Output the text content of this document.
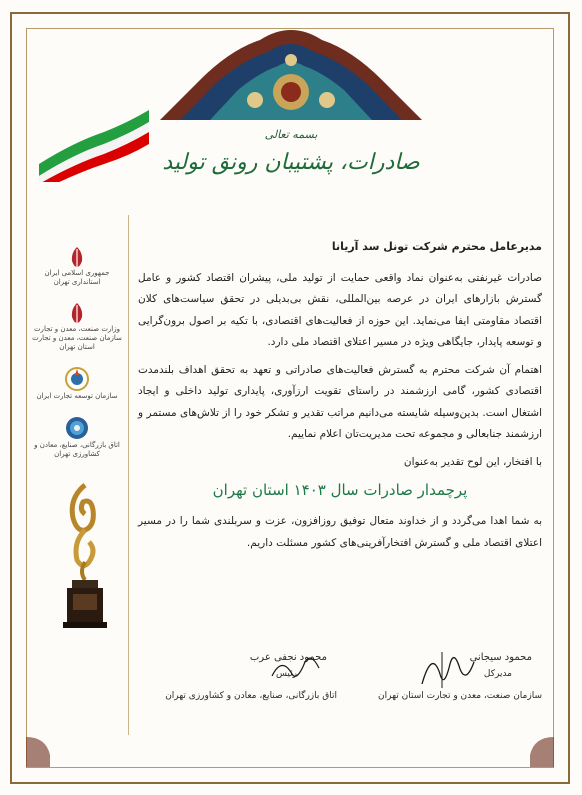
بسمه تعالی
صادرات، پشتیبان رونق تولید
جمهوری اسلامی ایران
استانداری تهران
وزارت صنعت، معدن و تجارت
سازمان صنعت، معدن و تجارت استان تهران
سازمان توسعه تجارت ایران
اتاق بازرگانی، صنایع، معادن و کشاورزی تهران
مدیرعامل محترم شرکت تونل سد آریانا

صادرات غیرنفتی به‌عنوان نماد واقعی حمایت از تولید ملی، پیشران اقتصاد کشور و عامل گسترش بازارهای ایران در عرصه بین‌المللی، نقش بی‌بدیلی در تحقق سیاست‌های کلان اقتصاد مقاومتی ایفا می‌نماید. این حوزه از فعالیت‌های اقتصادی، با تکیه بر اصول برون‌گرایی و توسعه پایدار، جایگاهی ویژه در مسیر اعتلای اقتصاد ملی دارد.

اهتمام آن شرکت محترم به گسترش فعالیت‌های صادراتی و تعهد به تحقق اهداف بلندمدت اقتصادی کشور، گامی ارزشمند در راستای تقویت ارزآوری، پایداری تولید داخلی و ایجاد اشتغال است. بدین‌وسیله شایسته می‌دانیم مراتب تقدیر و تشکر خود را از تلاش‌های مستمر و ارزشمند جنابعالی و مجموعه تحت مدیریت‌تان اعلام نماییم.

با افتخار، این لوح تقدیر به‌عنوان

پرچمدار صادرات سال ۱۴۰۳ استان تهران

به شما اهدا می‌گردد و از خداوند متعال توفیق روزافزون، عزت و سربلندی شما را در مسیر اعتلای اقتصاد ملی و گسترش افتخارآفرینی‌های کشور مسئلت داریم.

محمود سیجانی
مدیرکل
سازمان صنعت، معدن و تجارت استان تهران
محمود نجفی عرب
رئیس
اتاق بازرگانی، صنایع، معادن و کشاورزی تهران
